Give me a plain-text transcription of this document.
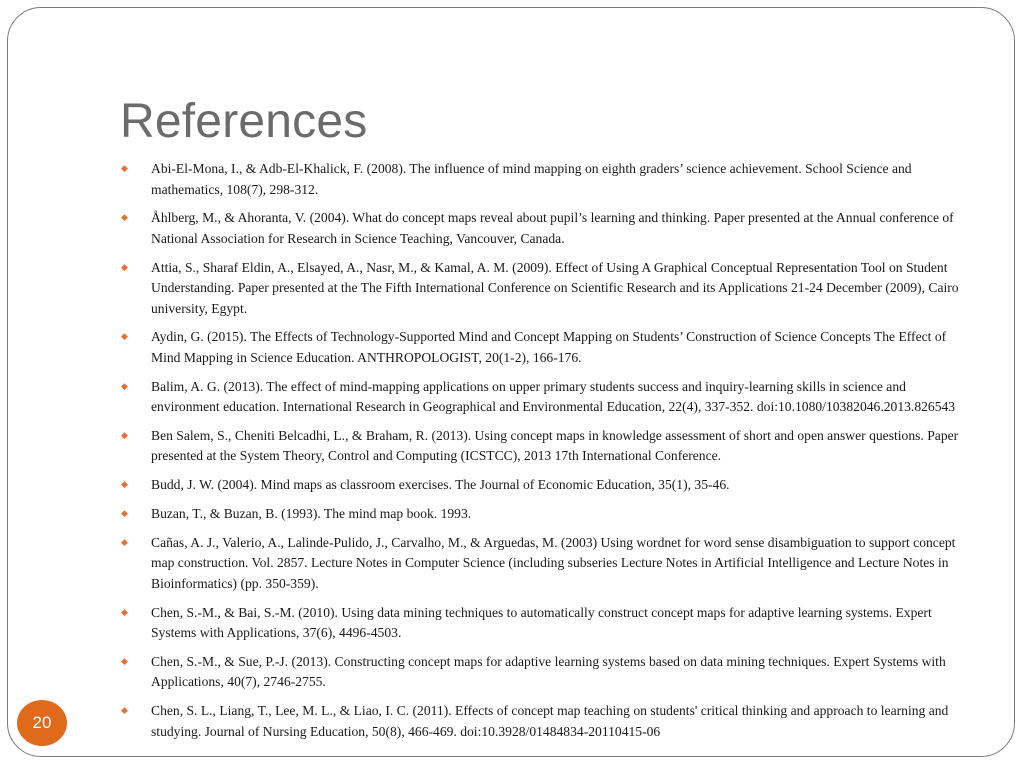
References
◆ Abi-El-Mona, I., & Adb-El-Khalick, F. (2008). The influence of mind mapping on eighth graders’ science achievement. School Science and mathematics, 108(7), 298-312.
◆ Åhlberg, M., & Ahoranta, V. (2004). What do concept maps reveal about pupil’s learning and thinking. Paper presented at the Annual conference of National Association for Research in Science Teaching, Vancouver, Canada.
◆ Attia, S., Sharaf Eldin, A., Elsayed, A., Nasr, M., & Kamal, A. M. (2009). Effect of Using A Graphical Conceptual Representation Tool on Student Understanding. Paper presented at the The Fifth International Conference on Scientific Research and its Applications 21-24 December (2009), Cairo university, Egypt.
◆ Aydin, G. (2015). The Effects of Technology-Supported Mind and Concept Mapping on Students’ Construction of Science Concepts The Effect of Mind Mapping in Science Education. ANTHROPOLOGIST, 20(1-2), 166-176.
◆ Balim, A. G. (2013). The effect of mind-mapping applications on upper primary students success and inquiry-learning skills in science and environment education. International Research in Geographical and Environmental Education, 22(4), 337-352. doi:10.1080/10382046.2013.826543
◆ Ben Salem, S., Cheniti Belcadhi, L., & Braham, R. (2013). Using concept maps in knowledge assessment of short and open answer questions. Paper presented at the System Theory, Control and Computing (ICSTCC), 2013 17th International Conference.
◆ Budd, J. W. (2004). Mind maps as classroom exercises. The Journal of Economic Education, 35(1), 35-46.
◆ Buzan, T., & Buzan, B. (1993). The mind map book. 1993.
◆ Cañas, A. J., Valerio, A., Lalinde-Pulido, J., Carvalho, M., & Arguedas, M. (2003) Using wordnet for word sense disambiguation to support concept map construction. Vol. 2857. Lecture Notes in Computer Science (including subseries Lecture Notes in Artificial Intelligence and Lecture Notes in Bioinformatics) (pp. 350-359).
◆ Chen, S.-M., & Bai, S.-M. (2010). Using data mining techniques to automatically construct concept maps for adaptive learning systems. Expert Systems with Applications, 37(6), 4496-4503.
◆ Chen, S.-M., & Sue, P.-J. (2013). Constructing concept maps for adaptive learning systems based on data mining techniques. Expert Systems with Applications, 40(7), 2746-2755.
◆ Chen, S. L., Liang, T., Lee, M. L., & Liao, I. C. (2011). Effects of concept map teaching on students' critical thinking and approach to learning and studying. Journal of Nursing Education, 50(8), 466-469. doi:10.3928/01484834-20110415-06
20
